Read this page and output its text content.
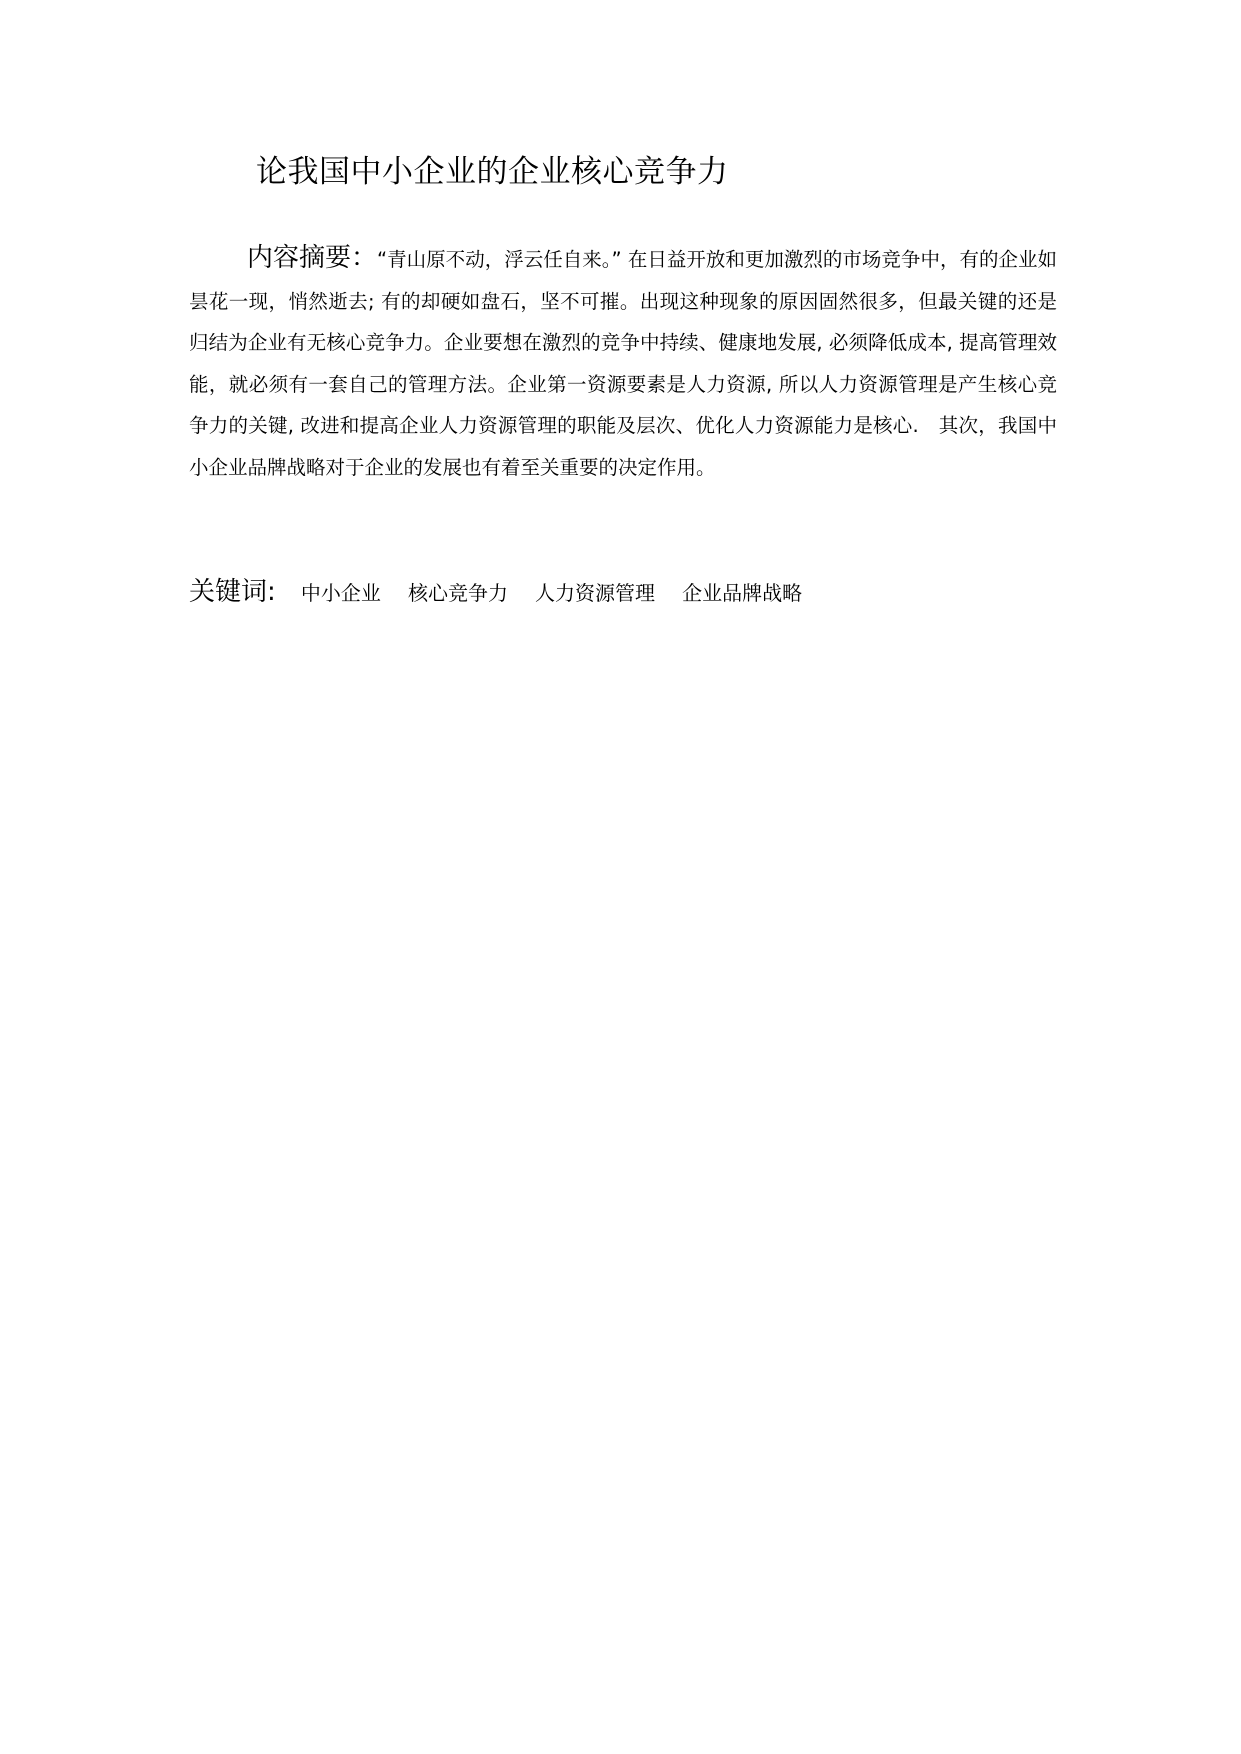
论我国中小企业的企业核心竞争力

内容摘要：“青山原不动，浮云任自来。” 在日益开放和更加激烈的市场竞争中，有的企业如昙花一现，悄然逝去; 有的却硬如盘石，坚不可摧。出现这种现象的原因固然很多，但最关键的还是归结为企业有无核心竞争力。企业要想在激烈的竞争中持续、健康地发展, 必须降低成本, 提高管理效能，就必须有一套自己的管理方法。企业第一资源要素是人力资源, 所以人力资源管理是产生核心竞争力的关键, 改进和提高企业人力资源管理的职能及层次、优化人力资源能力是核心.　其次，我国中小企业品牌战略对于企业的发展也有着至关重要的决定作用。

关键词: 中小企业 核心竞争力 人力资源管理 企业品牌战略
